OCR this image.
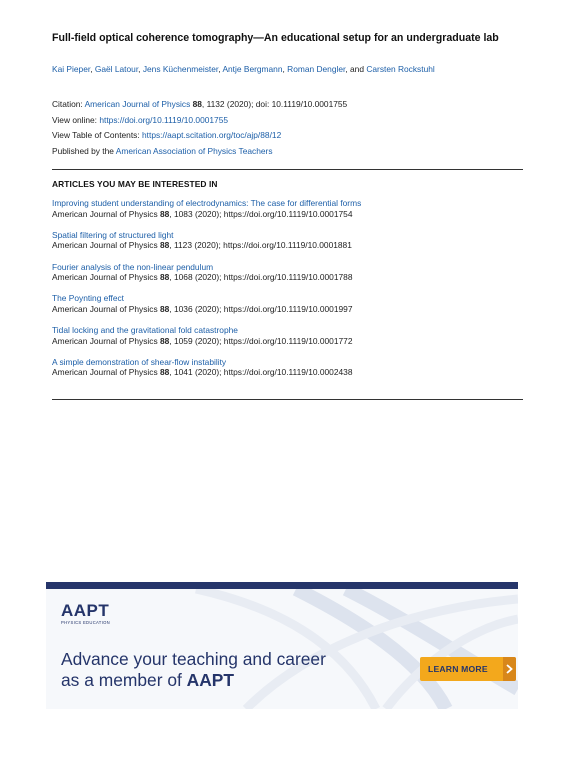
Full-field optical coherence tomography—An educational setup for an undergraduate lab
Kai Pieper, Gaël Latour, Jens Küchenmeister, Antje Bergmann, Roman Dengler, and Carsten Rockstuhl
Citation: American Journal of Physics 88, 1132 (2020); doi: 10.1119/10.0001755
View online: https://doi.org/10.1119/10.0001755
View Table of Contents: https://aapt.scitation.org/toc/ajp/88/12
Published by the American Association of Physics Teachers
ARTICLES YOU MAY BE INTERESTED IN
Improving student understanding of electrodynamics: The case for differential forms
American Journal of Physics 88, 1083 (2020); https://doi.org/10.1119/10.0001754
Spatial filtering of structured light
American Journal of Physics 88, 1123 (2020); https://doi.org/10.1119/10.0001881
Fourier analysis of the non-linear pendulum
American Journal of Physics 88, 1068 (2020); https://doi.org/10.1119/10.0001788
The Poynting effect
American Journal of Physics 88, 1036 (2020); https://doi.org/10.1119/10.0001997
Tidal locking and the gravitational fold catastrophe
American Journal of Physics 88, 1059 (2020); https://doi.org/10.1119/10.0001772
A simple demonstration of shear-flow instability
American Journal of Physics 88, 1041 (2020); https://doi.org/10.1119/10.0002438
AAPT
PHYSICS EDUCATION
Advance your teaching and career
as a member of AAPT
LEARN MORE
